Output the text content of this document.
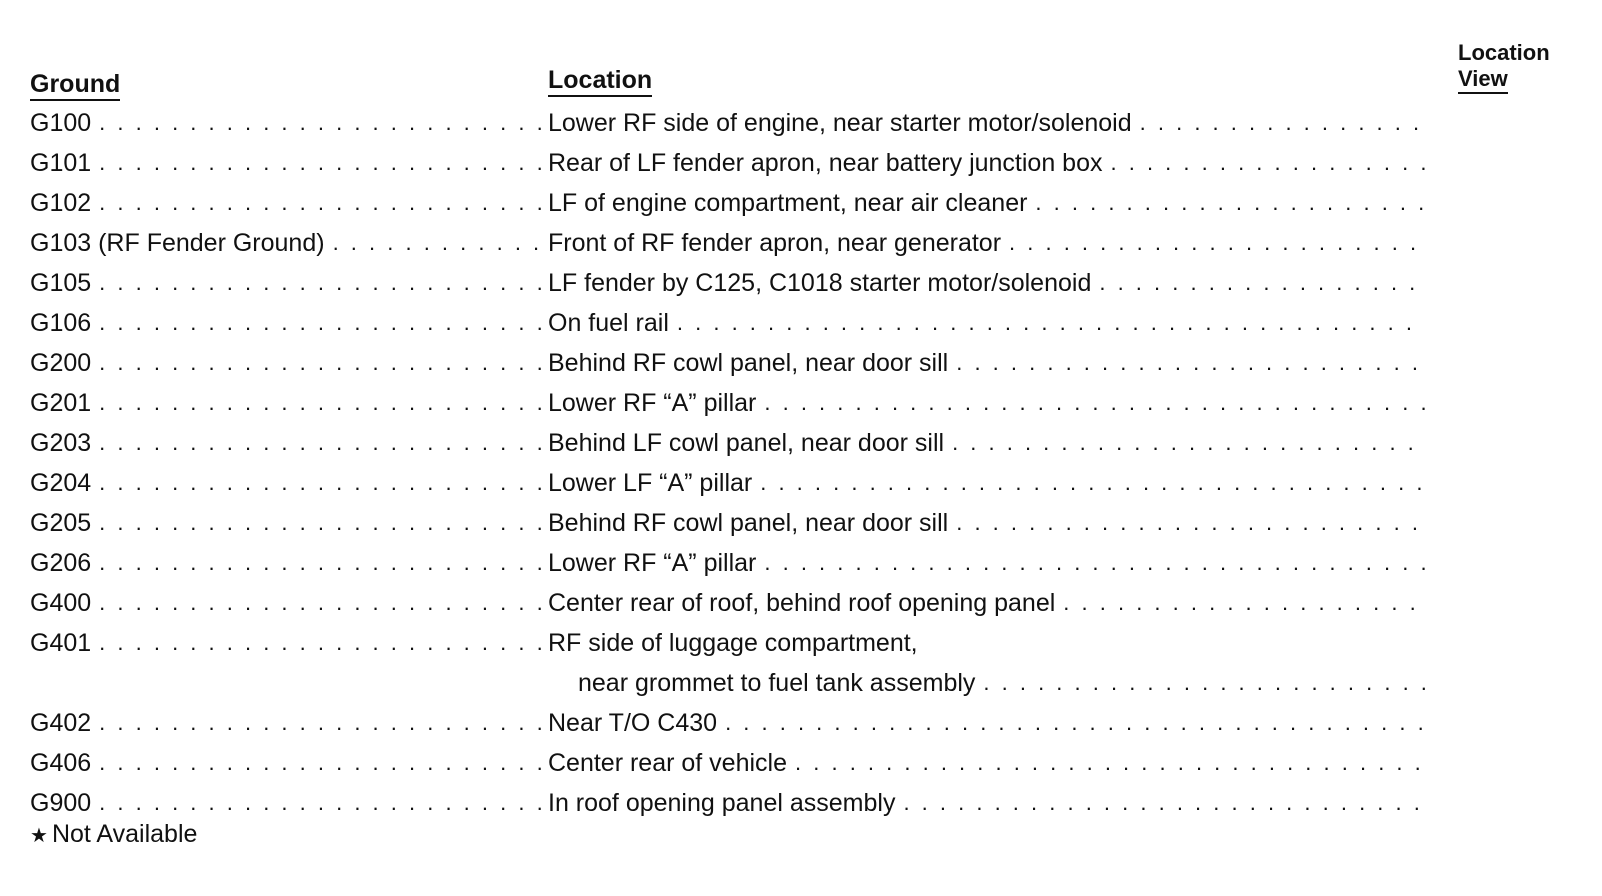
Ground	Location
Location
View
G100 . . .	Lower RF side of engine, near starter motor/solenoid
. . .
G101 . . .	Rear of LF fender apron, near battery junction box
. . .
G102 . . .	LF of engine compartment, near air cleaner
. . .
G103 (RF Fender Ground) . . .	Front of RF fender apron, near generator
. . .
G105 . . .	LF fender by C125, C1018 starter motor/solenoid
. . .
G106 . . .	On fuel rail
. . .
G200 . . .	Behind RF cowl panel, near door sill
. . .
G201 . . .	Lower RF “A” pillar
. . .
G203 . . .	Behind LF cowl panel, near door sill
. . .
G204 . . .	Lower LF “A” pillar
. . .
G205 . . .	Behind RF cowl panel, near door sill
. . .
G206 . . .	Lower RF “A” pillar
. . .
G400 . . .	Center rear of roof, behind roof opening panel
. . .
G401 . . .	RF side of luggage compartment,
near grommet to fuel tank assembly
. . .
G402 . . .	Near T/O C430
. . .
G406 . . .	Center rear of vehicle
. . .
G900 . . .	In roof opening panel assembly
. . .
★ Not Available
